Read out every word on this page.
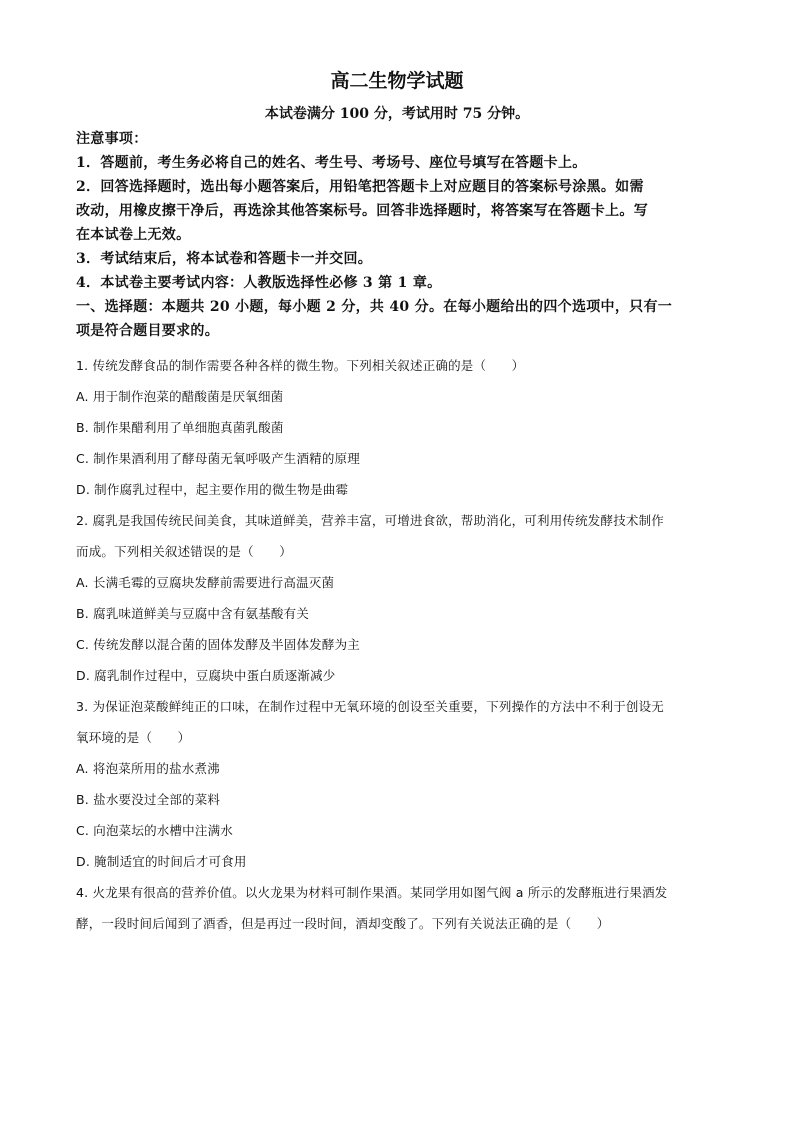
高二生物学试题
本试卷满分 100 分，考试用时 75 分钟。

注意事项：

1．答题前，考生务必将自己的姓名、考生号、考场号、座位号填写在答题卡上。

2．回答选择题时，选出每小题答案后，用铅笔把答题卡上对应题目的答案标号涂黑。如需

改动，用橡皮擦干净后，再选涂其他答案标号。回答非选择题时，将答案写在答题卡上。写

在本试卷上无效。

3．考试结束后，将本试卷和答题卡一并交回。

4．本试卷主要考试内容：人教版选择性必修 3 第 1 章。

一、选择题：本题共 20 小题，每小题 2 分，共 40 分。在每小题给出的四个选项中，只有一

项是符合题目要求的。

1. 传统发酵食品的制作需要各种各样的微生物。下列相关叙述正确的是（　　）

A. 用于制作泡菜的醋酸菌是厌氧细菌

B. 制作果醋利用了单细胞真菌乳酸菌

C. 制作果酒利用了酵母菌无氧呼吸产生酒精的原理

D. 制作腐乳过程中，起主要作用的微生物是曲霉

2. 腐乳是我国传统民间美食，其味道鲜美，营养丰富，可增进食欲，帮助消化，可利用传统发酵技术制作

而成。下列相关叙述错误的是（　　）

A. 长满毛霉的豆腐块发酵前需要进行高温灭菌

B. 腐乳味道鲜美与豆腐中含有氨基酸有关

C. 传统发酵以混合菌的固体发酵及半固体发酵为主

D. 腐乳制作过程中，豆腐块中蛋白质逐渐减少

3. 为保证泡菜酸鲜纯正的口味，在制作过程中无氧环境的创设至关重要，下列操作的方法中不利于创设无

氧环境的是（　　）

A. 将泡菜所用的盐水煮沸

B. 盐水要没过全部的菜料

C. 向泡菜坛的水槽中注满水

D. 腌制适宜的时间后才可食用

4. 火龙果有很高的营养价值。以火龙果为材料可制作果酒。某同学用如图气阀 a 所示的发酵瓶进行果酒发

酵，一段时间后闻到了酒香，但是再过一段时间，酒却变酸了。下列有关说法正确的是（　　）
